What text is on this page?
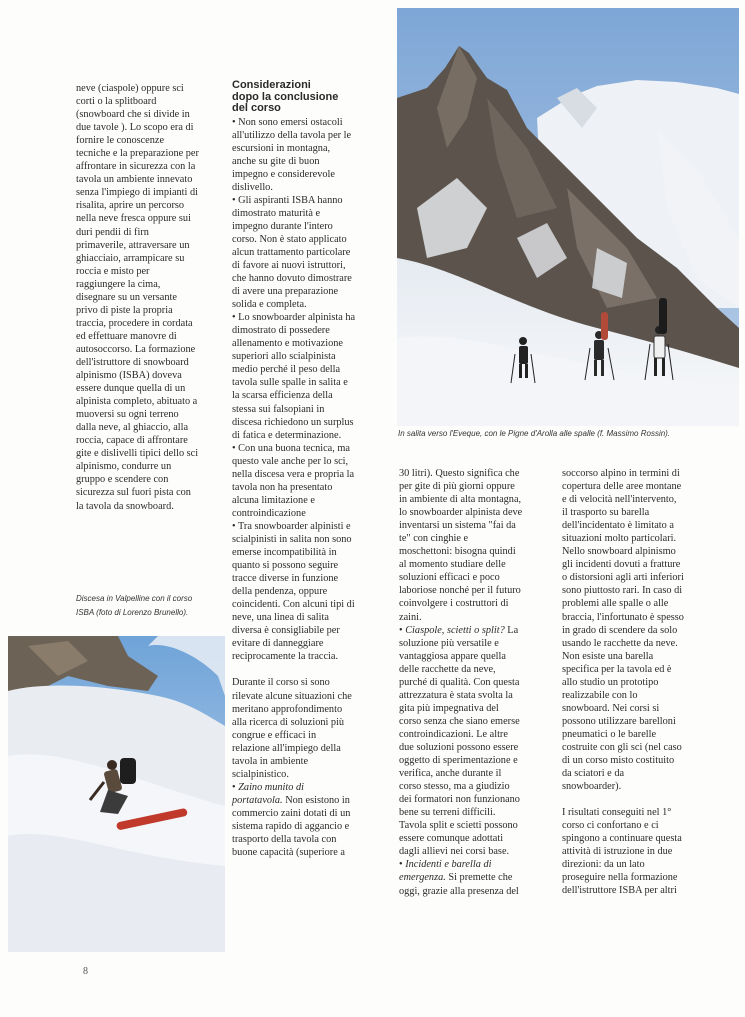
In salita verso l'Eveque, con le Pigne d'Arolla alle spalle (f. Massimo Rossin).

neve (ciaspole) oppure sci
corti o la splitboard
(snowboard che si divide in
due tavole ). Lo scopo era di
fornire le conoscenze
tecniche e la preparazione per
affrontare in sicurezza con la
tavola un ambiente innevato
senza l'impiego di impianti di
risalita, aprire un percorso
nella neve fresca oppure sui
duri pendii di firn
primaverile, attraversare un
ghiacciaio, arrampicare su
roccia e misto per
raggiungere la cima,
disegnare su un versante
privo di piste la propria
traccia, procedere in cordata
ed effettuare manovre di
autosoccorso. La formazione
dell'istruttore di snowboard
alpinismo (ISBA) doveva
essere dunque quella di un
alpinista completo, abituato a
muoversi su ogni terreno
dalla neve, al ghiaccio, alla
roccia, capace di affrontare
gite e dislivelli tipici dello sci
alpinismo, condurre un
gruppo e scendere con
sicurezza sul fuori pista con
la tavola da snowboard.

Discesa in Valpelline con il corso
ISBA (foto di Lorenzo Brunello).
Considerazioni
dopo la conclusione
del corso

• Non sono emersi ostacoli
all'utilizzo della tavola per le
escursioni in montagna,
anche su gite di buon
impegno e considerevole
dislivello.
• Gli aspiranti ISBA hanno
dimostrato maturità e
impegno durante l'intero
corso. Non è stato applicato
alcun trattamento particolare
di favore ai nuovi istruttori,
che hanno dovuto dimostrare
di avere una preparazione
solida e completa.
• Lo snowboarder alpinista ha
dimostrato di possedere
allenamento e motivazione
superiori allo scialpinista
medio perché il peso della
tavola sulle spalle in salita e
la scarsa efficienza della
stessa sui falsopiani in
discesa richiedono un surplus
di fatica e determinazione.
• Con una buona tecnica, ma
questo vale anche per lo sci,
nella discesa vera e propria la
tavola non ha presentato
alcuna limitazione e
controindicazione
• Tra snowboarder alpinisti e
scialpinisti in salita non sono
emerse incompatibilità in
quanto si possono seguire
tracce diverse in funzione
della pendenza, oppure
coincidenti. Con alcuni tipi di
neve, una linea di salita
diversa è consigliabile per
evitare di danneggiare
reciprocamente la traccia.

Durante il corso si sono
rilevate alcune situazioni che
meritano approfondimento
alla ricerca di soluzioni più
congrue e efficaci in
relazione all'impiego della
tavola in ambiente
scialpinistico.

• Zaino munito di
portatavola. Non esistono in

commercio zaini dotati di un
sistema rapido di aggancio e
trasporto della tavola con
buone capacità (superiore a

30 litri). Questo significa che
per gite di più giorni oppure
in ambiente di alta montagna,
lo snowboarder alpinista deve
inventarsi un sistema "fai da
te" con cinghie e
moschettoni: bisogna quindi
al momento studiare delle
soluzioni efficaci e poco
laboriose nonché per il futuro
coinvolgere i costruttori di
zaini.

• Ciaspole, scietti o split? La

soluzione più versatile e
vantaggiosa appare quella
delle racchette da neve,
purché di qualità. Con questa
attrezzatura è stata svolta la
gita più impegnativa del
corso senza che siano emerse
controindicazioni. Le altre
due soluzioni possono essere
oggetto di sperimentazione e
verifica, anche durante il
corso stesso, ma a giudizio
dei formatori non funzionano
bene su terreni difficili.
Tavola split e scietti possono
essere comunque adottati
dagli allievi nei corsi base.

• Incidenti e barella di
emergenza. Si premette che

oggi, grazie alla presenza del

soccorso alpino in termini di
copertura delle aree montane
e di velocità nell'intervento,
il trasporto su barella
dell'incidentato è limitato a
situazioni molto particolari.
Nello snowboard alpinismo
gli incidenti dovuti a fratture
o distorsioni agli arti inferiori
sono piuttosto rari. In caso di
problemi alle spalle o alle
braccia, l'infortunato è spesso
in grado di scendere da solo
usando le racchette da neve.
Non esiste una barella
specifica per la tavola ed è
allo studio un prototipo
realizzabile con lo
snowboard. Nei corsi si
possono utilizzare barelloni
pneumatici o le barelle
costruite con gli sci (nel caso
di un corso misto costituito
da sciatori e da
snowboarder).

I risultati conseguiti nel 1°
corso ci confortano e ci
spingono a continuare questa
attività di istruzione in due
direzioni: da un lato
proseguire nella formazione
dell'istruttore ISBA per altri

8
